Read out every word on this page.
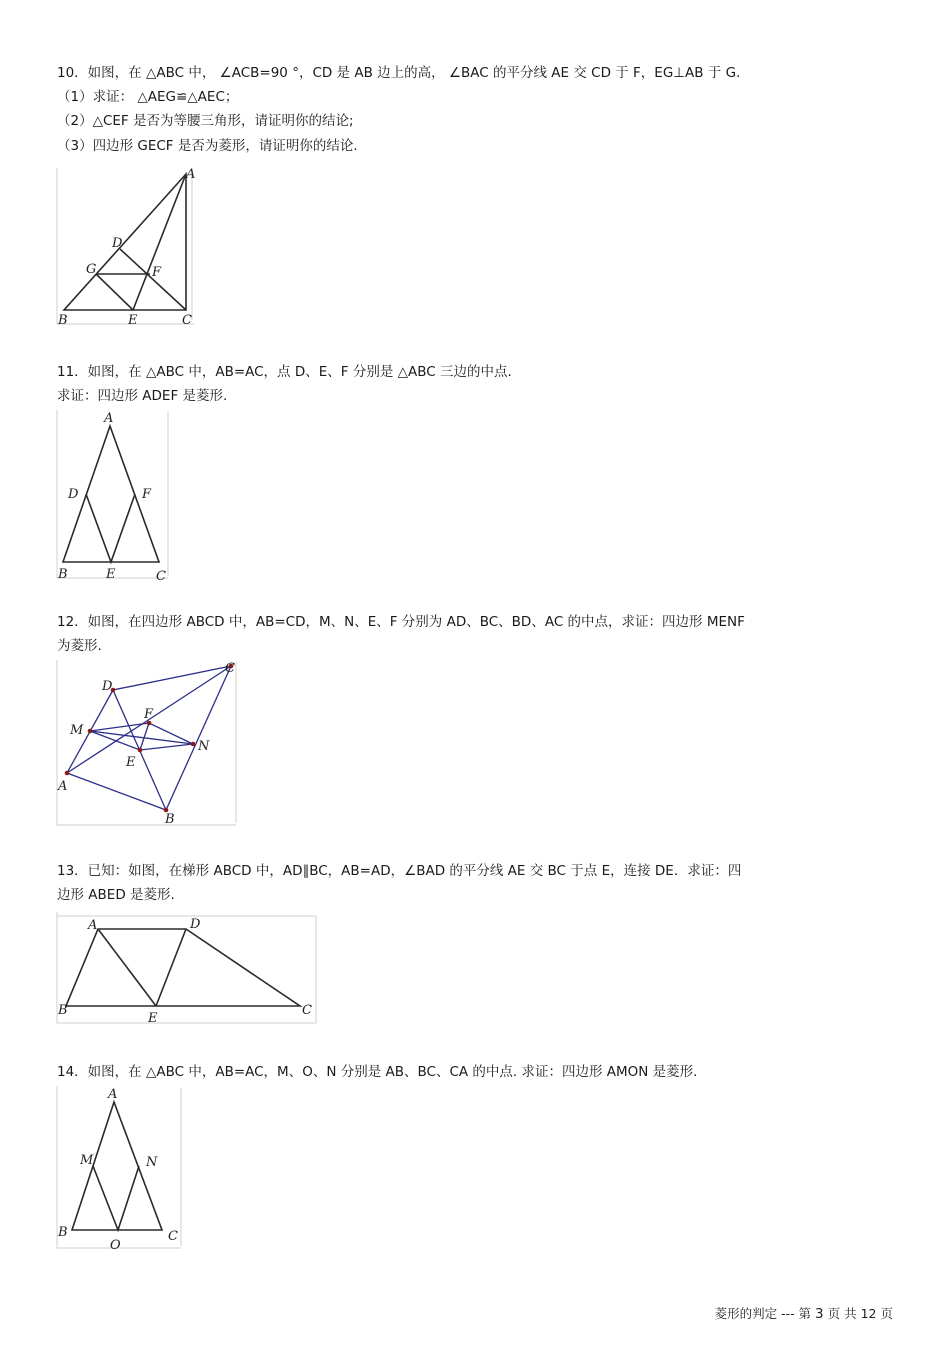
10．如图，在 △ABC 中， ∠ACB=90 °，CD 是 AB 边上的高， ∠BAC 的平分线 AE 交 CD 于 F，EG⊥AB 于 G．
（1）求证： △AEG≌△AEC；
（2）△CEF 是否为等腰三角形，请证明你的结论;
（3）四边形 GECF 是否为菱形，请证明你的结论.
A
B	C
D
E
F
G
11．如图，在 △ABC 中，AB=AC，点 D、E、F 分别是 △ABC 三边的中点.
求证：四边形 ADEF 是菱形.
A
B	C
D
E
F
12．如图，在四边形 ABCD 中，AB=CD，M、N、E、F 分别为 AD、BC、BD、AC 的中点，求证：四边形 MENF
为菱形.
A
B
C
D
E
F
M
N
13．已知：如图，在梯形 ABCD 中，AD∥BC，AB=AD，∠BAD 的平分线 AE 交 BC 于点 E，连接 DE．求证：四
边形 ABED 是菱形.
A
B	C
D
E
14．如图，在 △ABC 中，AB=AC，M、O、N 分别是 AB、BC、CA 的中点. 求证：四边形 AMON 是菱形.
A
B	C
M	N
O
菱形的判定 --- 第 3 页 共 12 页
